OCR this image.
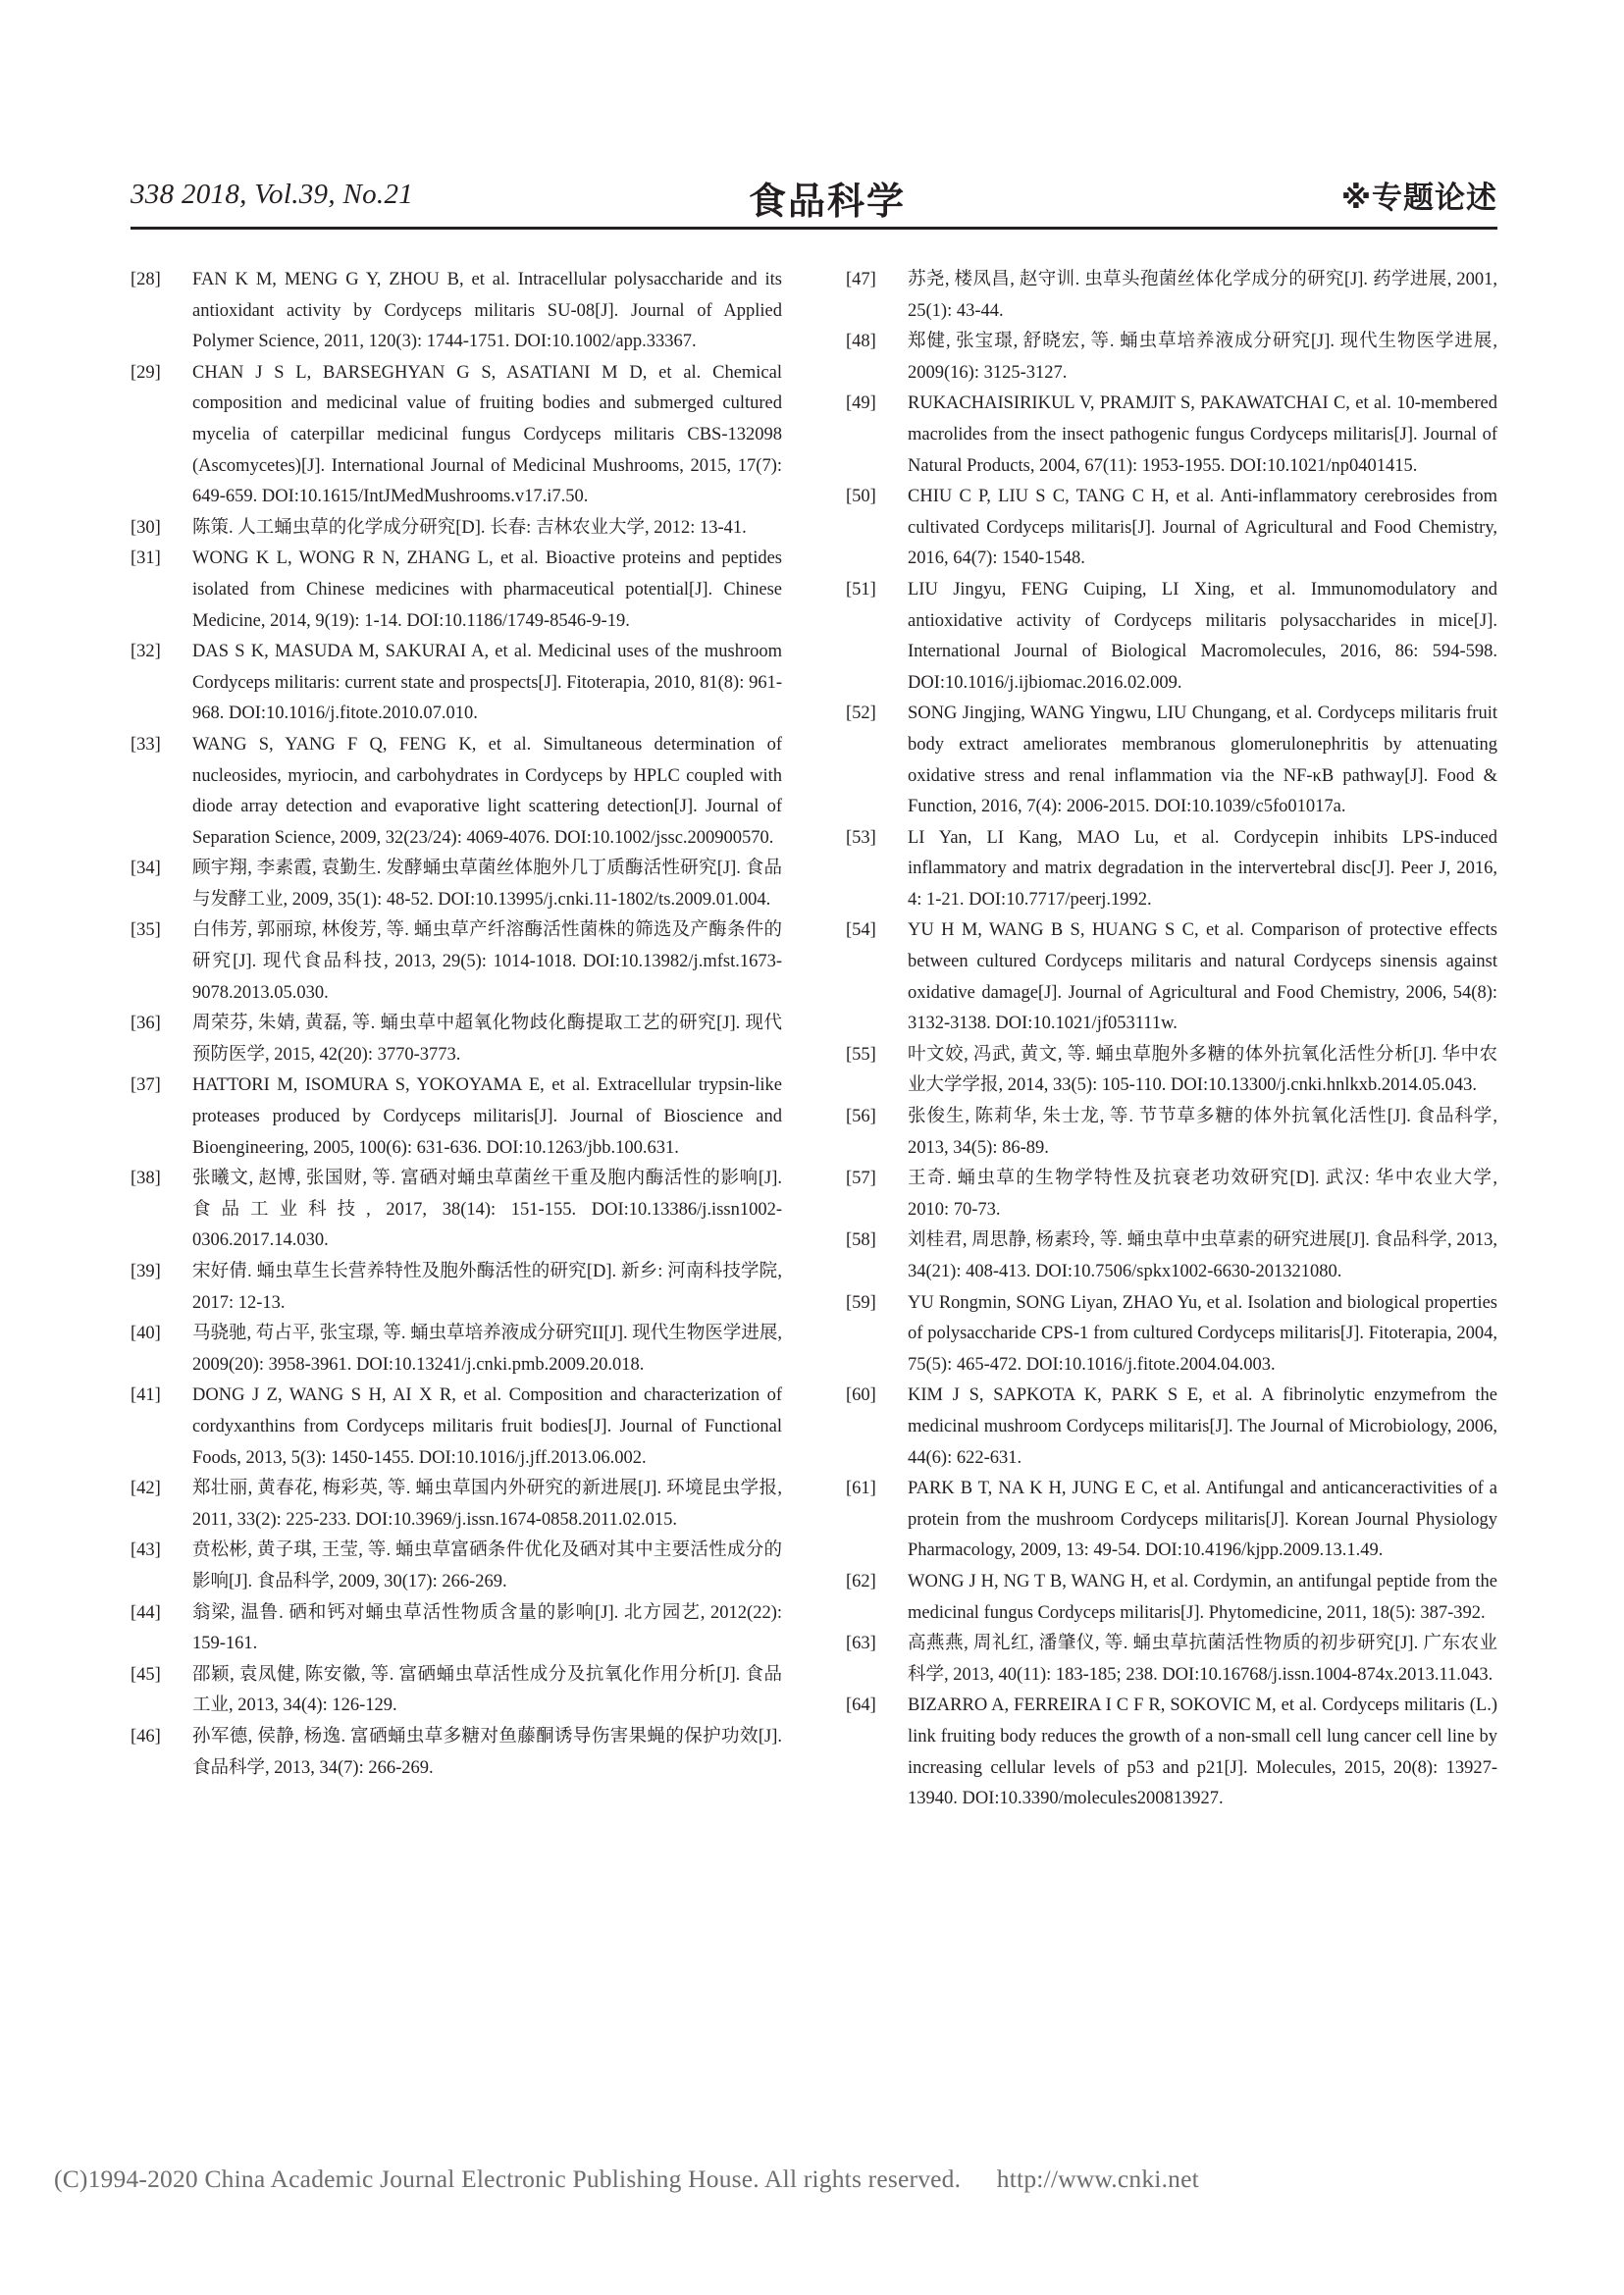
338 2018, Vol.39, No.21	食品科学	※专题论述
[28] FAN K M, MENG G Y, ZHOU B, et al. Intracellular polysaccharide and its antioxidant activity by Cordyceps militaris SU-08[J]. Journal of Applied Polymer Science, 2011, 120(3): 1744-1751. DOI:10.1002/app.33367.
[29] CHAN J S L, BARSEGHYAN G S, ASATIANI M D, et al. Chemical composition and medicinal value of fruiting bodies and submerged cultured mycelia of caterpillar medicinal fungus Cordyceps militaris CBS-132098 (Ascomycetes)[J]. International Journal of Medicinal Mushrooms, 2015, 17(7): 649-659. DOI:10.1615/IntJMedMushrooms.v17.i7.50.
[30] 陈策. 人工蛹虫草的化学成分研究[D]. 长春: 吉林农业大学, 2012: 13-41.
[31] WONG K L, WONG R N, ZHANG L, et al. Bioactive proteins and peptides isolated from Chinese medicines with pharmaceutical potential[J]. Chinese Medicine, 2014, 9(19): 1-14. DOI:10.1186/1749-8546-9-19.
[32] DAS S K, MASUDA M, SAKURAI A, et al. Medicinal uses of the mushroom Cordyceps militaris: current state and prospects[J]. Fitoterapia, 2010, 81(8): 961-968. DOI:10.1016/j.fitote.2010.07.010.
[33] WANG S, YANG F Q, FENG K, et al. Simultaneous determination of nucleosides, myriocin, and carbohydrates in Cordyceps by HPLC coupled with diode array detection and evaporative light scattering detection[J]. Journal of Separation Science, 2009, 32(23/24): 4069-4076. DOI:10.1002/jssc.200900570.
[34] 顾宇翔, 李素霞, 袁勤生. 发酵蛹虫草菌丝体胞外几丁质酶活性研究[J]. 食品与发酵工业, 2009, 35(1): 48-52. DOI:10.13995/j.cnki.11-1802/ts.2009.01.004.
[35] 白伟芳, 郭丽琼, 林俊芳, 等. 蛹虫草产纤溶酶活性菌株的筛选及产酶条件的研究[J]. 现代食品科技, 2013, 29(5): 1014-1018. DOI:10.13982/j.mfst.1673-9078.2013.05.030.
[36] 周荣芬, 朱婧, 黄磊, 等. 蛹虫草中超氧化物歧化酶提取工艺的研究[J]. 现代预防医学, 2015, 42(20): 3770-3773.
[37] HATTORI M, ISOMURA S, YOKOYAMA E, et al. Extracellular trypsin-like proteases produced by Cordyceps militaris[J]. Journal of Bioscience and Bioengineering, 2005, 100(6): 631-636. DOI:10.1263/jbb.100.631.
[38] 张曦文, 赵博, 张国财, 等. 富硒对蛹虫草菌丝干重及胞内酶活性的影响[J]. 食品工业科技, 2017, 38(14): 151-155. DOI:10.13386/j.issn1002-0306.2017.14.030.
[39] 宋好倩. 蛹虫草生长营养特性及胞外酶活性的研究[D]. 新乡: 河南科技学院, 2017: 12-13.
[40] 马骁驰, 苟占平, 张宝璟, 等. 蛹虫草培养液成分研究II[J]. 现代生物医学进展, 2009(20): 3958-3961. DOI:10.13241/j.cnki.pmb.2009.20.018.
[41] DONG J Z, WANG S H, AI X R, et al. Composition and characterization of cordyxanthins from Cordyceps militaris fruit bodies[J]. Journal of Functional Foods, 2013, 5(3): 1450-1455. DOI:10.1016/j.jff.2013.06.002.
[42] 郑壮丽, 黄春花, 梅彩英, 等. 蛹虫草国内外研究的新进展[J]. 环境昆虫学报, 2011, 33(2): 225-233. DOI:10.3969/j.issn.1674-0858.2011.02.015.
[43] 贲松彬, 黄子琪, 王莹, 等. 蛹虫草富硒条件优化及硒对其中主要活性成分的影响[J]. 食品科学, 2009, 30(17): 266-269.
[44] 翁梁, 温鲁. 硒和钙对蛹虫草活性物质含量的影响[J]. 北方园艺, 2012(22): 159-161.
[45] 邵颖, 袁凤健, 陈安徽, 等. 富硒蛹虫草活性成分及抗氧化作用分析[J]. 食品工业, 2013, 34(4): 126-129.
[46] 孙军德, 侯静, 杨逸. 富硒蛹虫草多糖对鱼藤酮诱导伤害果蝇的保护功效[J]. 食品科学, 2013, 34(7): 266-269.
[47] 苏尧, 楼凤昌, 赵守训. 虫草头孢菌丝体化学成分的研究[J]. 药学进展, 2001, 25(1): 43-44.
[48] 郑健, 张宝璟, 舒晓宏, 等. 蛹虫草培养液成分研究[J]. 现代生物医学进展, 2009(16): 3125-3127.
[49] RUKACHAISIRIKUL V, PRAMJIT S, PAKAWATCHAI C, et al. 10-membered macrolides from the insect pathogenic fungus Cordyceps militaris[J]. Journal of Natural Products, 2004, 67(11): 1953-1955. DOI:10.1021/np0401415.
[50] CHIU C P, LIU S C, TANG C H, et al. Anti-inflammatory cerebrosides from cultivated Cordyceps militaris[J]. Journal of Agricultural and Food Chemistry, 2016, 64(7): 1540-1548.
[51] LIU Jingyu, FENG Cuiping, LI Xing, et al. Immunomodulatory and antioxidative activity of Cordyceps militaris polysaccharides in mice[J]. International Journal of Biological Macromolecules, 2016, 86: 594-598. DOI:10.1016/j.ijbiomac.2016.02.009.
[52] SONG Jingjing, WANG Yingwu, LIU Chungang, et al. Cordyceps militaris fruit body extract ameliorates membranous glomerulonephritis by attenuating oxidative stress and renal inflammation via the NF-κB pathway[J]. Food & Function, 2016, 7(4): 2006-2015. DOI:10.1039/c5fo01017a.
[53] LI Yan, LI Kang, MAO Lu, et al. Cordycepin inhibits LPS-induced inflammatory and matrix degradation in the intervertebral disc[J]. Peer J, 2016, 4: 1-21. DOI:10.7717/peerj.1992.
[54] YU H M, WANG B S, HUANG S C, et al. Comparison of protective effects between cultured Cordyceps militaris and natural Cordyceps sinensis against oxidative damage[J]. Journal of Agricultural and Food Chemistry, 2006, 54(8): 3132-3138. DOI:10.1021/jf053111w.
[55] 叶文姣, 冯武, 黄文, 等. 蛹虫草胞外多糖的体外抗氧化活性分析[J]. 华中农业大学学报, 2014, 33(5): 105-110. DOI:10.13300/j.cnki.hnlkxb.2014.05.043.
[56] 张俊生, 陈莉华, 朱士龙, 等. 节节草多糖的体外抗氧化活性[J]. 食品科学, 2013, 34(5): 86-89.
[57] 王奇. 蛹虫草的生物学特性及抗衰老功效研究[D]. 武汉: 华中农业大学, 2010: 70-73.
[58] 刘桂君, 周思静, 杨素玲, 等. 蛹虫草中虫草素的研究进展[J]. 食品科学, 2013, 34(21): 408-413. DOI:10.7506/spkx1002-6630-201321080.
[59] YU Rongmin, SONG Liyan, ZHAO Yu, et al. Isolation and biological properties of polysaccharide CPS-1 from cultured Cordyceps militaris[J]. Fitoterapia, 2004, 75(5): 465-472. DOI:10.1016/j.fitote.2004.04.003.
[60] KIM J S, SAPKOTA K, PARK S E, et al. A fibrinolytic enzymefrom the medicinal mushroom Cordyceps militaris[J]. The Journal of Microbiology, 2006, 44(6): 622-631.
[61] PARK B T, NA K H, JUNG E C, et al. Antifungal and anticanceractivities of a protein from the mushroom Cordyceps militaris[J]. Korean Journal Physiology Pharmacology, 2009, 13: 49-54. DOI:10.4196/kjpp.2009.13.1.49.
[62] WONG J H, NG T B, WANG H, et al. Cordymin, an antifungal peptide from the medicinal fungus Cordyceps militaris[J]. Phytomedicine, 2011, 18(5): 387-392.
[63] 高燕燕, 周礼红, 潘肇仪, 等. 蛹虫草抗菌活性物质的初步研究[J]. 广东农业科学, 2013, 40(11): 183-185; 238. DOI:10.16768/j.issn.1004-874x.2013.11.043.
[64] BIZARRO A, FERREIRA I C F R, SOKOVIC M, et al. Cordyceps militaris (L.) link fruiting body reduces the growth of a non-small cell lung cancer cell line by increasing cellular levels of p53 and p21[J]. Molecules, 2015, 20(8): 13927-13940. DOI:10.3390/molecules200813927.
(C)1994-2020 China Academic Journal Electronic Publishing House. All rights reserved. http://www.cnki.net
